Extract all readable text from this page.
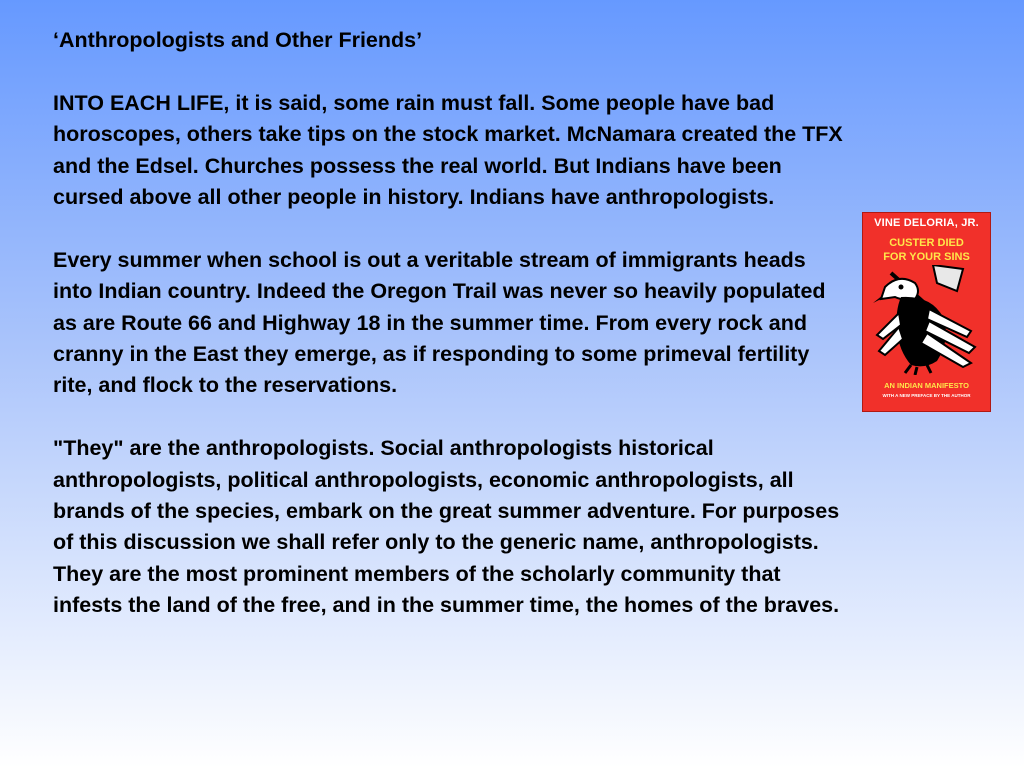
‘Anthropologists and Other Friends’
INTO EACH LIFE, it is said, some rain must fall. Some people have bad horoscopes, others take tips on the stock market. McNamara created the TFX and the Edsel. Churches possess the real world. But Indians have been cursed above all other people in history. Indians have anthropologists.
Every summer when school is out a veritable stream of immigrants heads into Indian country. Indeed the Oregon Trail was never so heavily populated as are Route 66 and Highway 18 in the summer time. From every rock and cranny in the East they emerge, as if responding to some primeval fertility rite, and flock to the reservations.
"They" are the anthropologists. Social anthropologists historical anthropologists, political anthropologists, economic anthropologists, all brands of the species, embark on the great summer adventure. For purposes of this discussion we shall refer only to the generic name, anthropologists. They are the most prominent members of the scholarly community that infests the land of the free, and in the summer time, the homes of the braves.
VINE DELORIA, JR.
CUSTER DIED
FOR YOUR SINS
AN INDIAN MANIFESTO
WITH A NEW PREFACE BY THE AUTHOR
